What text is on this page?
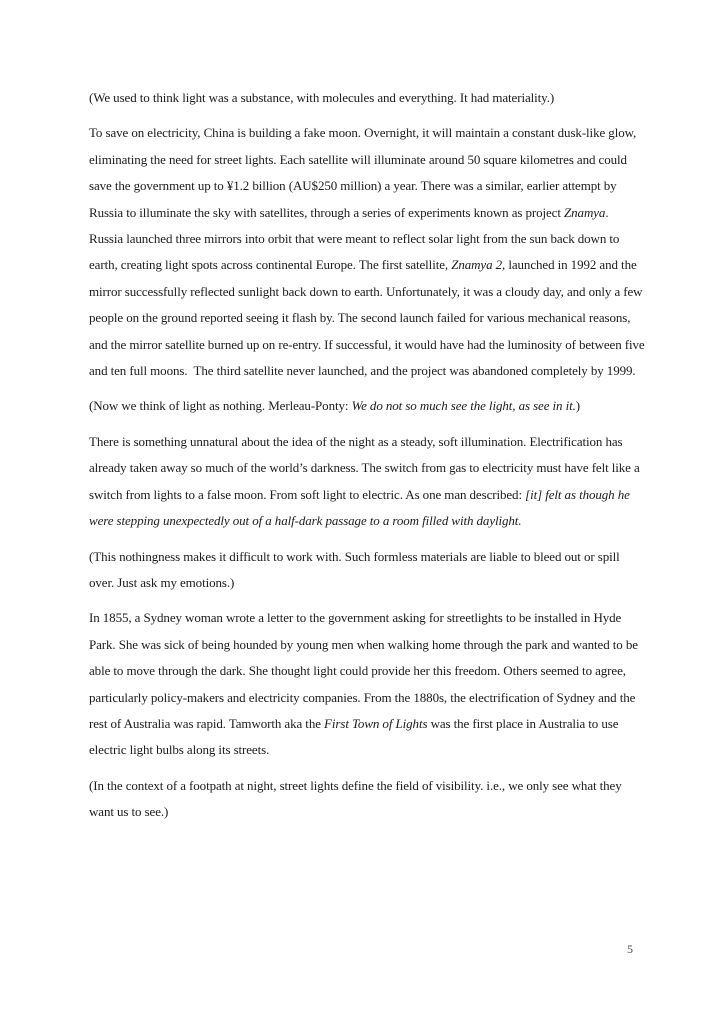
(We used to think light was a substance, with molecules and everything. It had materiality.)

To save on electricity, China is building a fake moon. Overnight, it will maintain a constant dusk-like glow, eliminating the need for street lights. Each satellite will illuminate around 50 square kilometres and could save the government up to ¥1.2 billion (AU$250 million) a year. There was a similar, earlier attempt by Russia to illuminate the sky with satellites, through a series of experiments known as project Znamya. Russia launched three mirrors into orbit that were meant to reflect solar light from the sun back down to earth, creating light spots across continental Europe. The first satellite, Znamya 2, launched in 1992 and the mirror successfully reflected sunlight back down to earth. Unfortunately, it was a cloudy day, and only a few people on the ground reported seeing it flash by. The second launch failed for various mechanical reasons, and the mirror satellite burned up on re-entry. If successful, it would have had the luminosity of between five and ten full moons.  The third satellite never launched, and the project was abandoned completely by 1999.

(Now we think of light as nothing. Merleau-Ponty: We do not so much see the light, as see in it.)

There is something unnatural about the idea of the night as a steady, soft illumination. Electrification has already taken away so much of the world’s darkness. The switch from gas to electricity must have felt like a switch from lights to a false moon. From soft light to electric. As one man described: [it] felt as though he were stepping unexpectedly out of a half-dark passage to a room filled with daylight.

(This nothingness makes it difficult to work with. Such formless materials are liable to bleed out or spill over. Just ask my emotions.)

In 1855, a Sydney woman wrote a letter to the government asking for streetlights to be installed in Hyde Park. She was sick of being hounded by young men when walking home through the park and wanted to be able to move through the dark. She thought light could provide her this freedom. Others seemed to agree, particularly policy-makers and electricity companies. From the 1880s, the electrification of Sydney and the rest of Australia was rapid. Tamworth aka the First Town of Lights was the first place in Australia to use electric light bulbs along its streets.

(In the context of a footpath at night, street lights define the field of visibility. i.e., we only see what they want us to see.)

5
